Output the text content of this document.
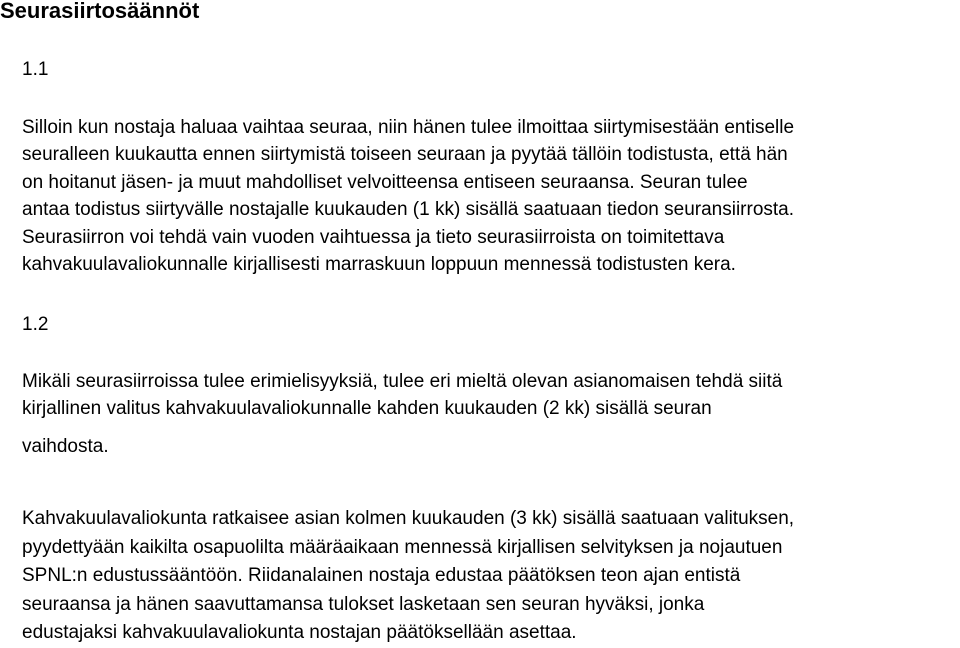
Seurasiirtosäännöt
1.1

Silloin kun nostaja haluaa vaihtaa seuraa, niin hänen tulee ilmoittaa siirtymisestään entiselle
seuralleen kuukautta ennen siirtymistä toiseen seuraan ja pyytää tällöin todistusta, että hän
on hoitanut jäsen- ja muut mahdolliset velvoitteensa entiseen seuraansa. Seuran tulee
antaa todistus siirtyvälle nostajalle kuukauden (1 kk) sisällä saatuaan tiedon seuransiirrosta.
Seurasiirron voi tehdä vain vuoden vaihtuessa ja tieto seurasiirroista on toimitettava
kahvakuulavaliokunnalle kirjallisesti marraskuun loppuun mennessä todistusten kera.

1.2

Mikäli seurasiirroissa tulee erimielisyyksiä, tulee eri mieltä olevan asianomaisen tehdä siitä
kirjallinen valitus kahvakuulavaliokunnalle kahden kuukauden (2 kk) sisällä seuran
vaihdosta.

Kahvakuulavaliokunta ratkaisee asian kolmen kuukauden (3 kk) sisällä saatuaan valituksen,
pyydettyään kaikilta osapuolilta määräaikaan mennessä kirjallisen selvityksen ja nojautuen
SPNL:n edustussääntöön. Riidanalainen nostaja edustaa päätöksen teon ajan entistä
seuraansa ja hänen saavuttamansa tulokset lasketaan sen seuran hyväksi, jonka
edustajaksi kahvakuulavaliokunta nostajan päätöksellään asettaa.
